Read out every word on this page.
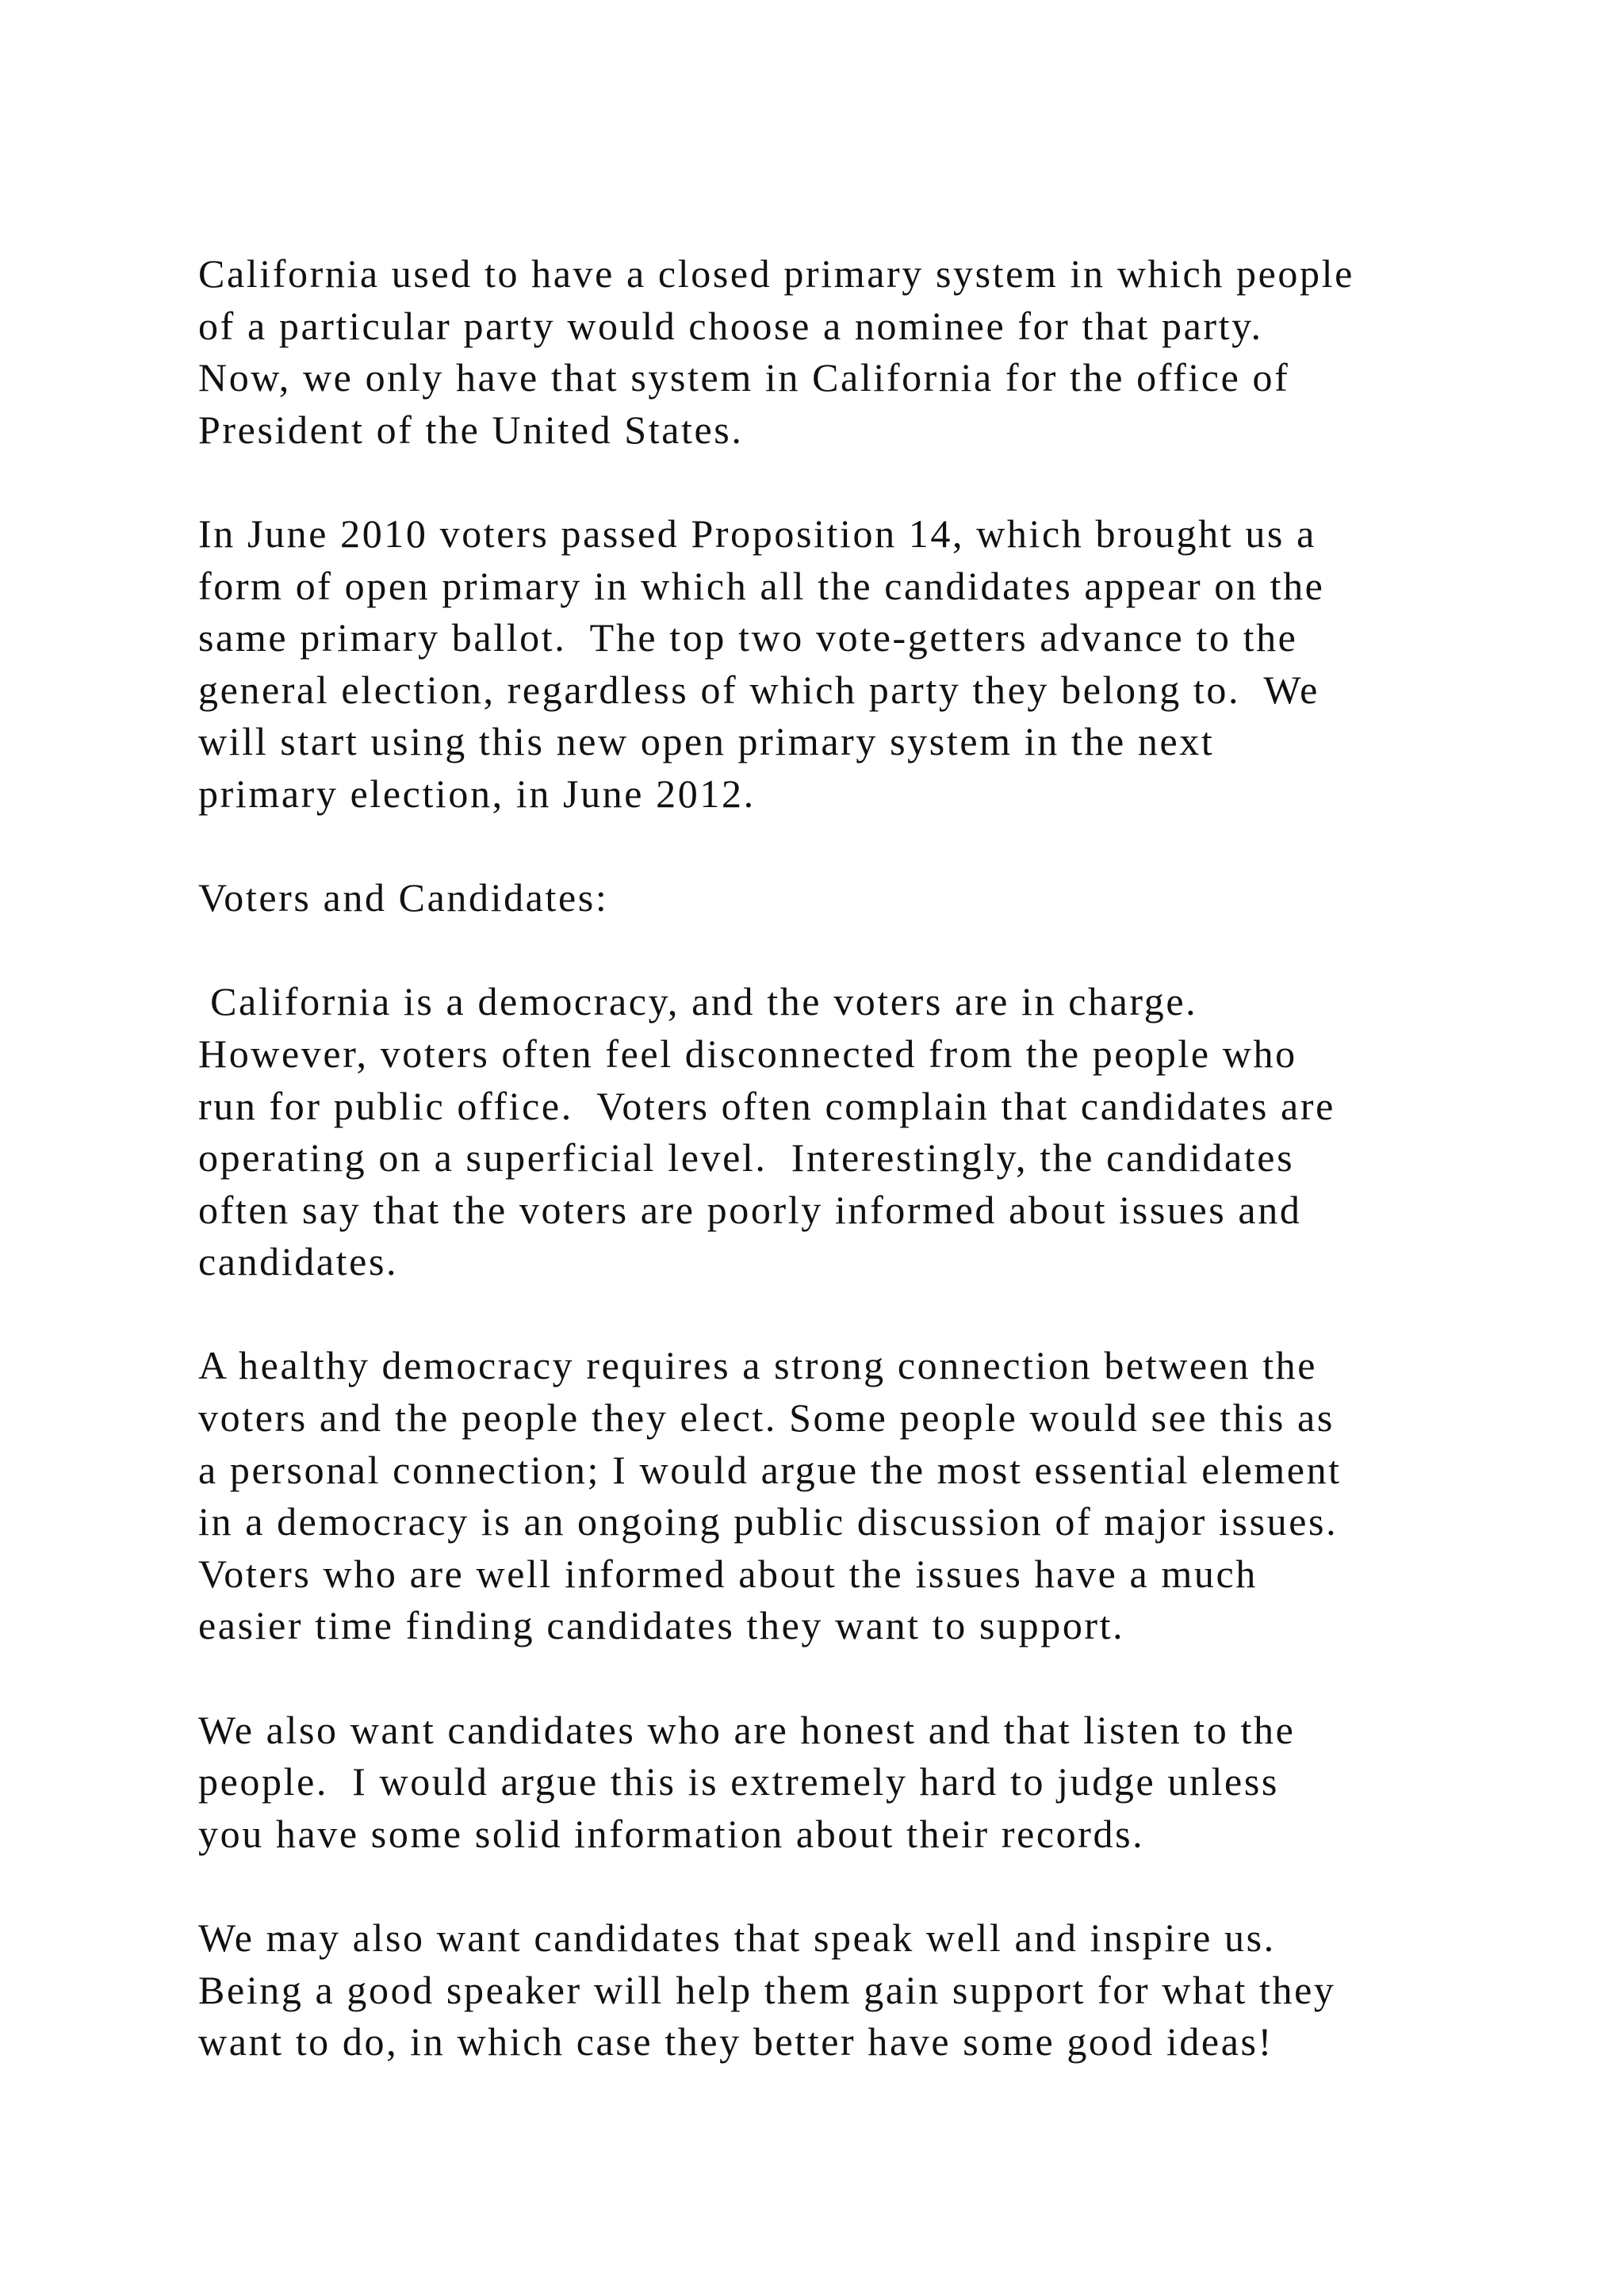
California used to have a closed primary system in which people
of a particular party would choose a nominee for that party.
Now, we only have that system in California for the office of
President of the United States.
In June 2010 voters passed Proposition 14, which brought us a
form of open primary in which all the candidates appear on the
same primary ballot.  The top two vote-getters advance to the
general election, regardless of which party they belong to.  We
will start using this new open primary system in the next
primary election, in June 2012.
Voters and Candidates:
California is a democracy, and the voters are in charge.
However, voters often feel disconnected from the people who
run for public office.  Voters often complain that candidates are
operating on a superficial level.  Interestingly, the candidates
often say that the voters are poorly informed about issues and
candidates.
A healthy democracy requires a strong connection between the
voters and the people they elect. Some people would see this as
a personal connection; I would argue the most essential element
in a democracy is an ongoing public discussion of major issues.
Voters who are well informed about the issues have a much
easier time finding candidates they want to support.
We also want candidates who are honest and that listen to the
people.  I would argue this is extremely hard to judge unless
you have some solid information about their records.
We may also want candidates that speak well and inspire us.
Being a good speaker will help them gain support for what they
want to do, in which case they better have some good ideas!
